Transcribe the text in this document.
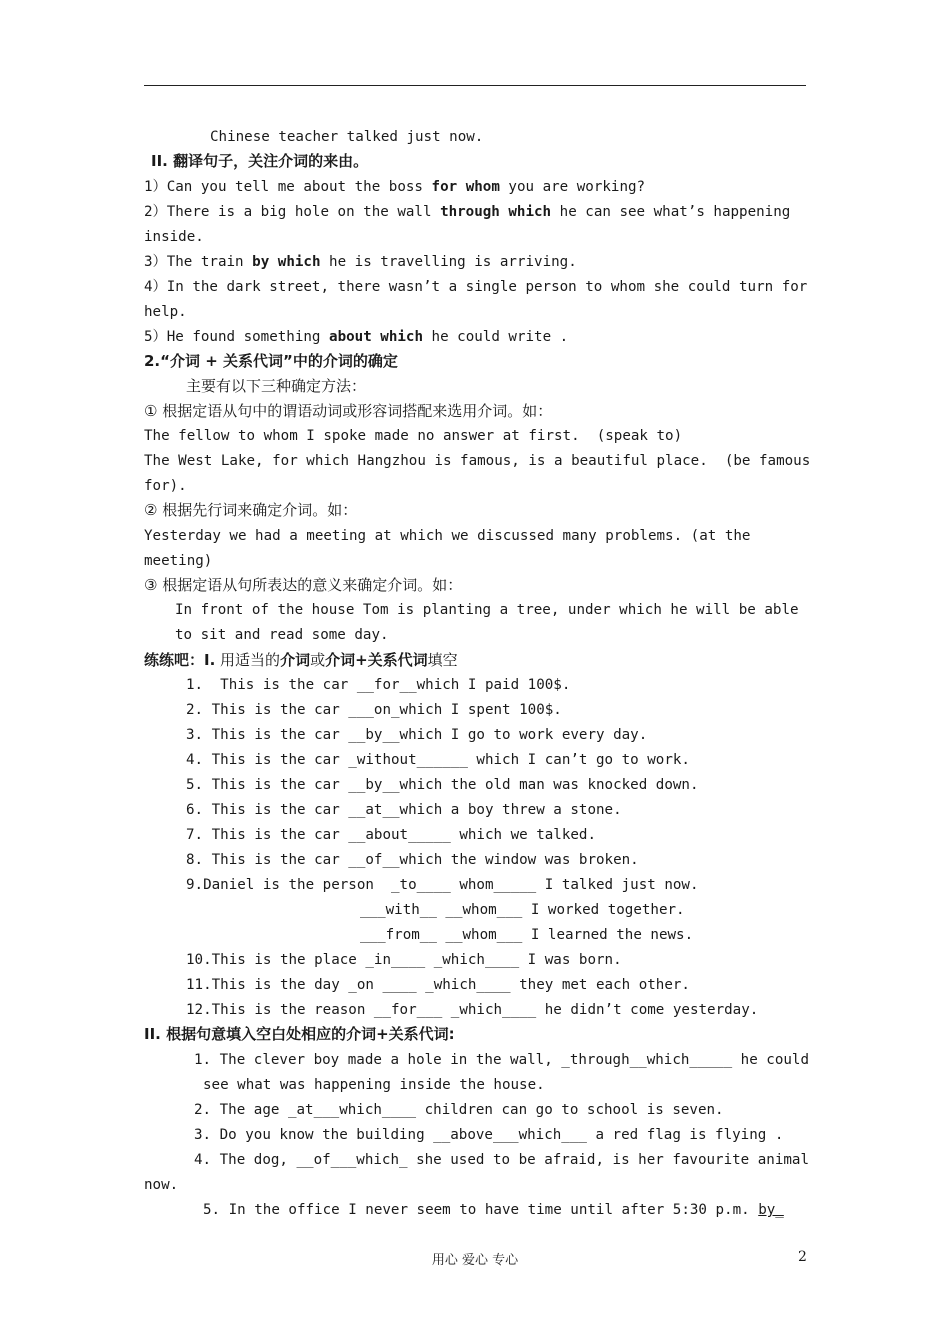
Chinese teacher talked just now.
II. 翻译句子，关注介词的来由。
1）Can you tell me about the boss for whom you are working?
2）There is a big hole on the wall through which he can see what’s happening
inside.
3）The train by which he is travelling is arriving.
4）In the dark street, there wasn’t a single person to whom she could turn for
help.
5）He found something about which he could write .
2.“介词 + 关系代词”中的介词的确定
主要有以下三种确定方法：
① 根据定语从句中的谓语动词或形容词搭配来选用介词。如：
The fellow to whom I spoke made no answer at first.  (speak to)
The West Lake, for which Hangzhou is famous, is a beautiful place.  (be famous
for).
② 根据先行词来确定介词。如：
Yesterday we had a meeting at which we discussed many problems. (at the
meeting)
③ 根据定语从句所表达的意义来确定介词。如：
In front of the house Tom is planting a tree, under which he will be able
to sit and read some day.
练练吧：I. 用适当的介词或介词+关系代词填空
1.  This is the car __for__which I paid 100$.
2. This is the car ___on_which I spent 100$.
3. This is the car __by__which I go to work every day.
4. This is the car _without______ which I can’t go to work.
5. This is the car __by__which the old man was knocked down.
6. This is the car __at__which a boy threw a stone.
7. This is the car __about_____ which we talked.
8. This is the car __of__which the window was broken.
9.Daniel is the person  _to____ whom_____ I talked just now.
___with__ __whom___ I worked together.
___from__ __whom___ I learned the news.
10.This is the place _in____ _which____ I was born.
11.This is the day _on ____ _which____ they met each other.
12.This is the reason __for___ _which____ he didn’t come yesterday.
II. 根据句意填入空白处相应的介词+关系代词:
1. The clever boy made a hole in the wall, _through__which_____ he could
see what was happening inside the house.
2. The age _at___which____ children can go to school is seven.
3. Do you know the building __above___which___ a red flag is flying .
4. The dog, __of___which_ she used to be afraid, is her favourite animal
now.
5. In the office I never seem to have time until after 5:30 p.m. by_
用心 爱心 专心	2
